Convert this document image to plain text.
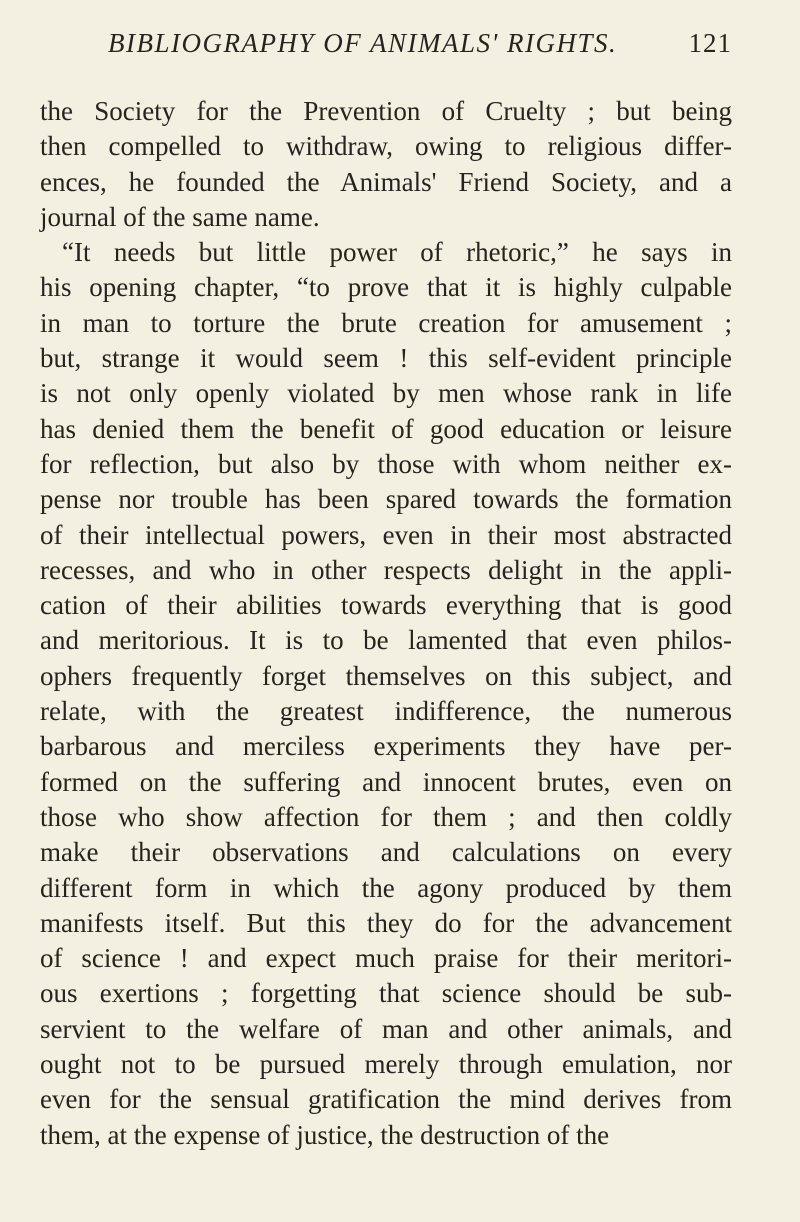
BIBLIOGRAPHY OF ANIMALS' RIGHTS.	121
the Society for the Prevention of Cruelty ; but being
then compelled to withdraw, owing to religious differ-
ences, he founded the Animals' Friend Society, and a
journal of the same name.
“It needs but little power of rhetoric,” he says in
his opening chapter, “to prove that it is highly culpable
in man to torture the brute creation for amusement ;
but, strange it would seem ! this self-evident principle
is not only openly violated by men whose rank in life
has denied them the benefit of good education or leisure
for reflection, but also by those with whom neither ex-
pense nor trouble has been spared towards the formation
of their intellectual powers, even in their most abstracted
recesses, and who in other respects delight in the appli-
cation of their abilities towards everything that is good
and meritorious. It is to be lamented that even philos-
ophers frequently forget themselves on this subject, and
relate, with the greatest indifference, the numerous
barbarous and merciless experiments they have per-
formed on the suffering and innocent brutes, even on
those who show affection for them ; and then coldly
make their observations and calculations on every
different form in which the agony produced by them
manifests itself. But this they do for the advancement
of science ! and expect much praise for their meritori-
ous exertions ; forgetting that science should be sub-
servient to the welfare of man and other animals, and
ought not to be pursued merely through emulation, nor
even for the sensual gratification the mind derives from
them, at the expense of justice, the destruction of the
